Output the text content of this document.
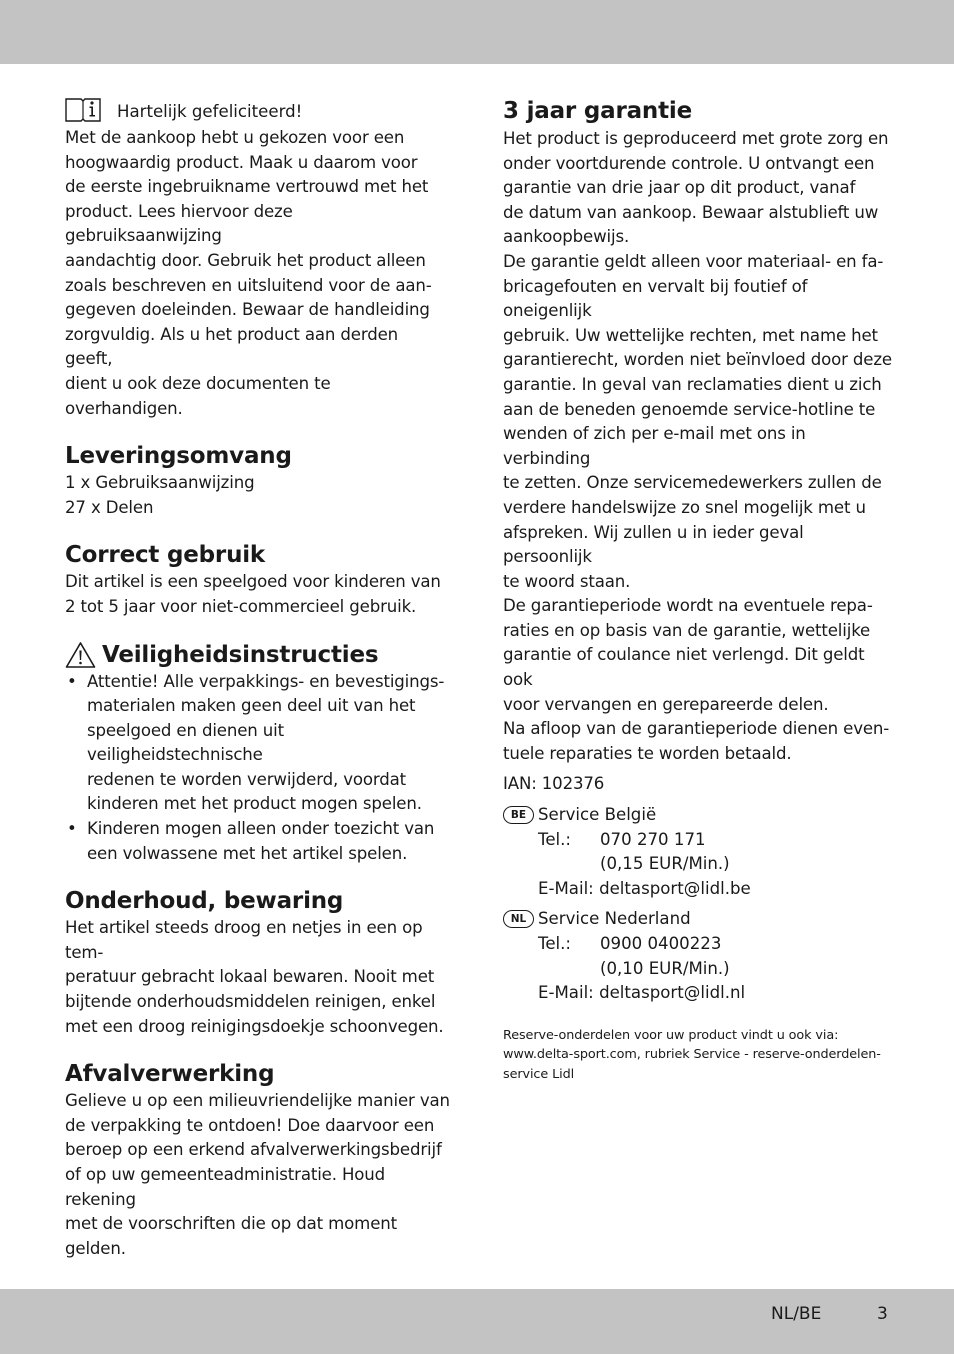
Hartelijk gefeliciteerd!

Met de aankoop hebt u gekozen voor een
hoogwaardig product. Maak u daarom voor
de eerste ingebruikname vertrouwd met het
product. Lees hiervoor deze gebruiksaanwijzing
aandachtig door. Gebruik het product alleen
zoals beschreven en uitsluitend voor de aan-
gegeven doeleinden. Bewaar de handleiding
zorgvuldig. Als u het product aan derden geeft,
dient u ook deze documenten te overhandigen.

Leveringsomvang

1 x Gebruiksaanwijzing

27 x Delen

Correct gebruik

Dit artikel is een speelgoed voor kinderen van
2 tot 5 jaar voor niet-commercieel gebruik.

Veiligheidsinstructies
• Attentie! Alle verpakkings- en bevestigings-
materialen maken geen deel uit van het
speelgoed en dienen uit veiligheidstechnische
redenen te worden verwijderd, voordat
kinderen met het product mogen spelen.
• Kinderen mogen alleen onder toezicht van
een volwassene met het artikel spelen.
Onderhoud, bewaring

Het artikel steeds droog en netjes in een op tem-
peratuur gebracht lokaal bewaren. Nooit met
bijtende onderhoudsmiddelen reinigen, enkel
met een droog reinigingsdoekje schoonvegen.

Afvalverwerking

Gelieve u op een milieuvriendelijke manier van
de verpakking te ontdoen! Doe daarvoor een
beroep op een erkend afvalverwerkingsbedrijf
of op uw gemeenteadministratie. Houd rekening
met de voorschriften die op dat moment gelden.

3 jaar garantie

Het product is geproduceerd met grote zorg en
onder voortdurende controle. U ontvangt een
garantie van drie jaar op dit product, vanaf
de datum van aankoop. Bewaar alstublieft uw
aankoopbewijs.

De garantie geldt alleen voor materiaal- en fa-
bricagefouten en vervalt bij foutief of oneigenlijk
gebruik. Uw wettelijke rechten, met name het
garantierecht, worden niet beïnvloed door deze
garantie. In geval van reclamaties dient u zich
aan de beneden genoemde service-hotline te
wenden of zich per e-mail met ons in verbinding
te zetten. Onze servicemedewerkers zullen de
verdere handelswijze zo snel mogelijk met u
afspreken. Wij zullen u in ieder geval persoonlijk
te woord staan.

De garantieperiode wordt na eventuele repa-
raties en op basis van de garantie, wettelijke
garantie of coulance niet verlengd. Dit geldt ook
voor vervangen en gerepareerde delen.

Na afloop van de garantieperiode dienen even-
tuele reparaties te worden betaald.

IAN: 102376

BE Service België
Tel.:	070 270 171
(0,15 EUR/Min.)
E-Mail:
deltasport@lidl.be
NL Service Nederland
Tel.:	0900 0400223
(0,10 EUR/Min.)
E-Mail:
deltasport@lidl.nl
Reserve-onderdelen voor uw product vindt u ook via:
www.delta-sport.com, rubriek Service - reserve-onderdelen-
service Lidl
NL/BE	3
